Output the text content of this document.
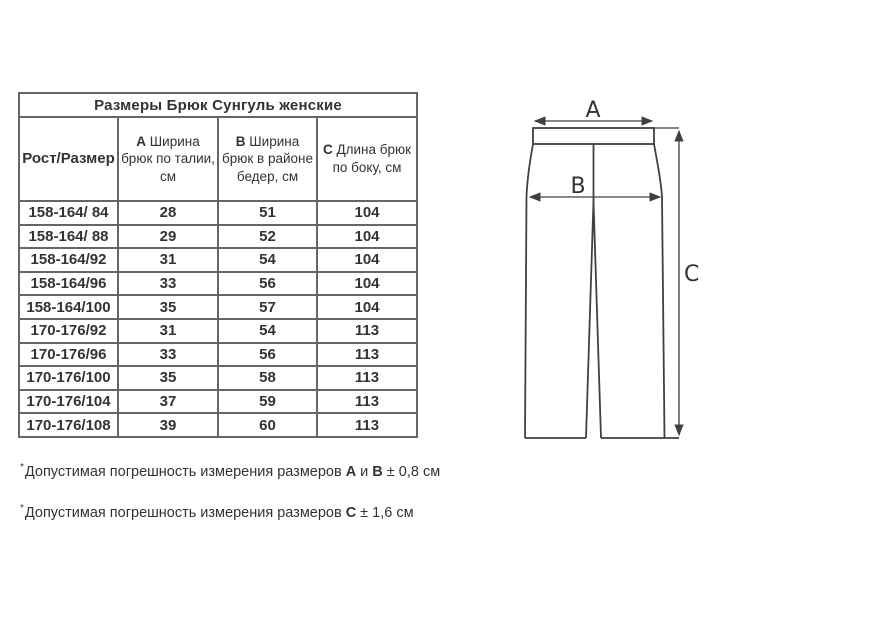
Размеры Брюк Сунгуль женские			
Рост/Размер	A Ширина брюк по талии, см	B Ширина брюк в районе бедер, см	C Длина брюк по боку, см
158-164/ 84	28	51	104
158-164/ 88	29	52	104
158-164/92	31	54	104
158-164/96	33	56	104
158-164/100	35	57	104
170-176/92	31	54	113
170-176/96	33	56	113
170-176/100	35	58	113
170-176/104	37	59	113
170-176/108	39	60	113
*Допустимая погрешность измерения размеров A и B ± 0,8 см
*Допустимая погрешность измерения размеров C ± 1,6 см
A
B
C
